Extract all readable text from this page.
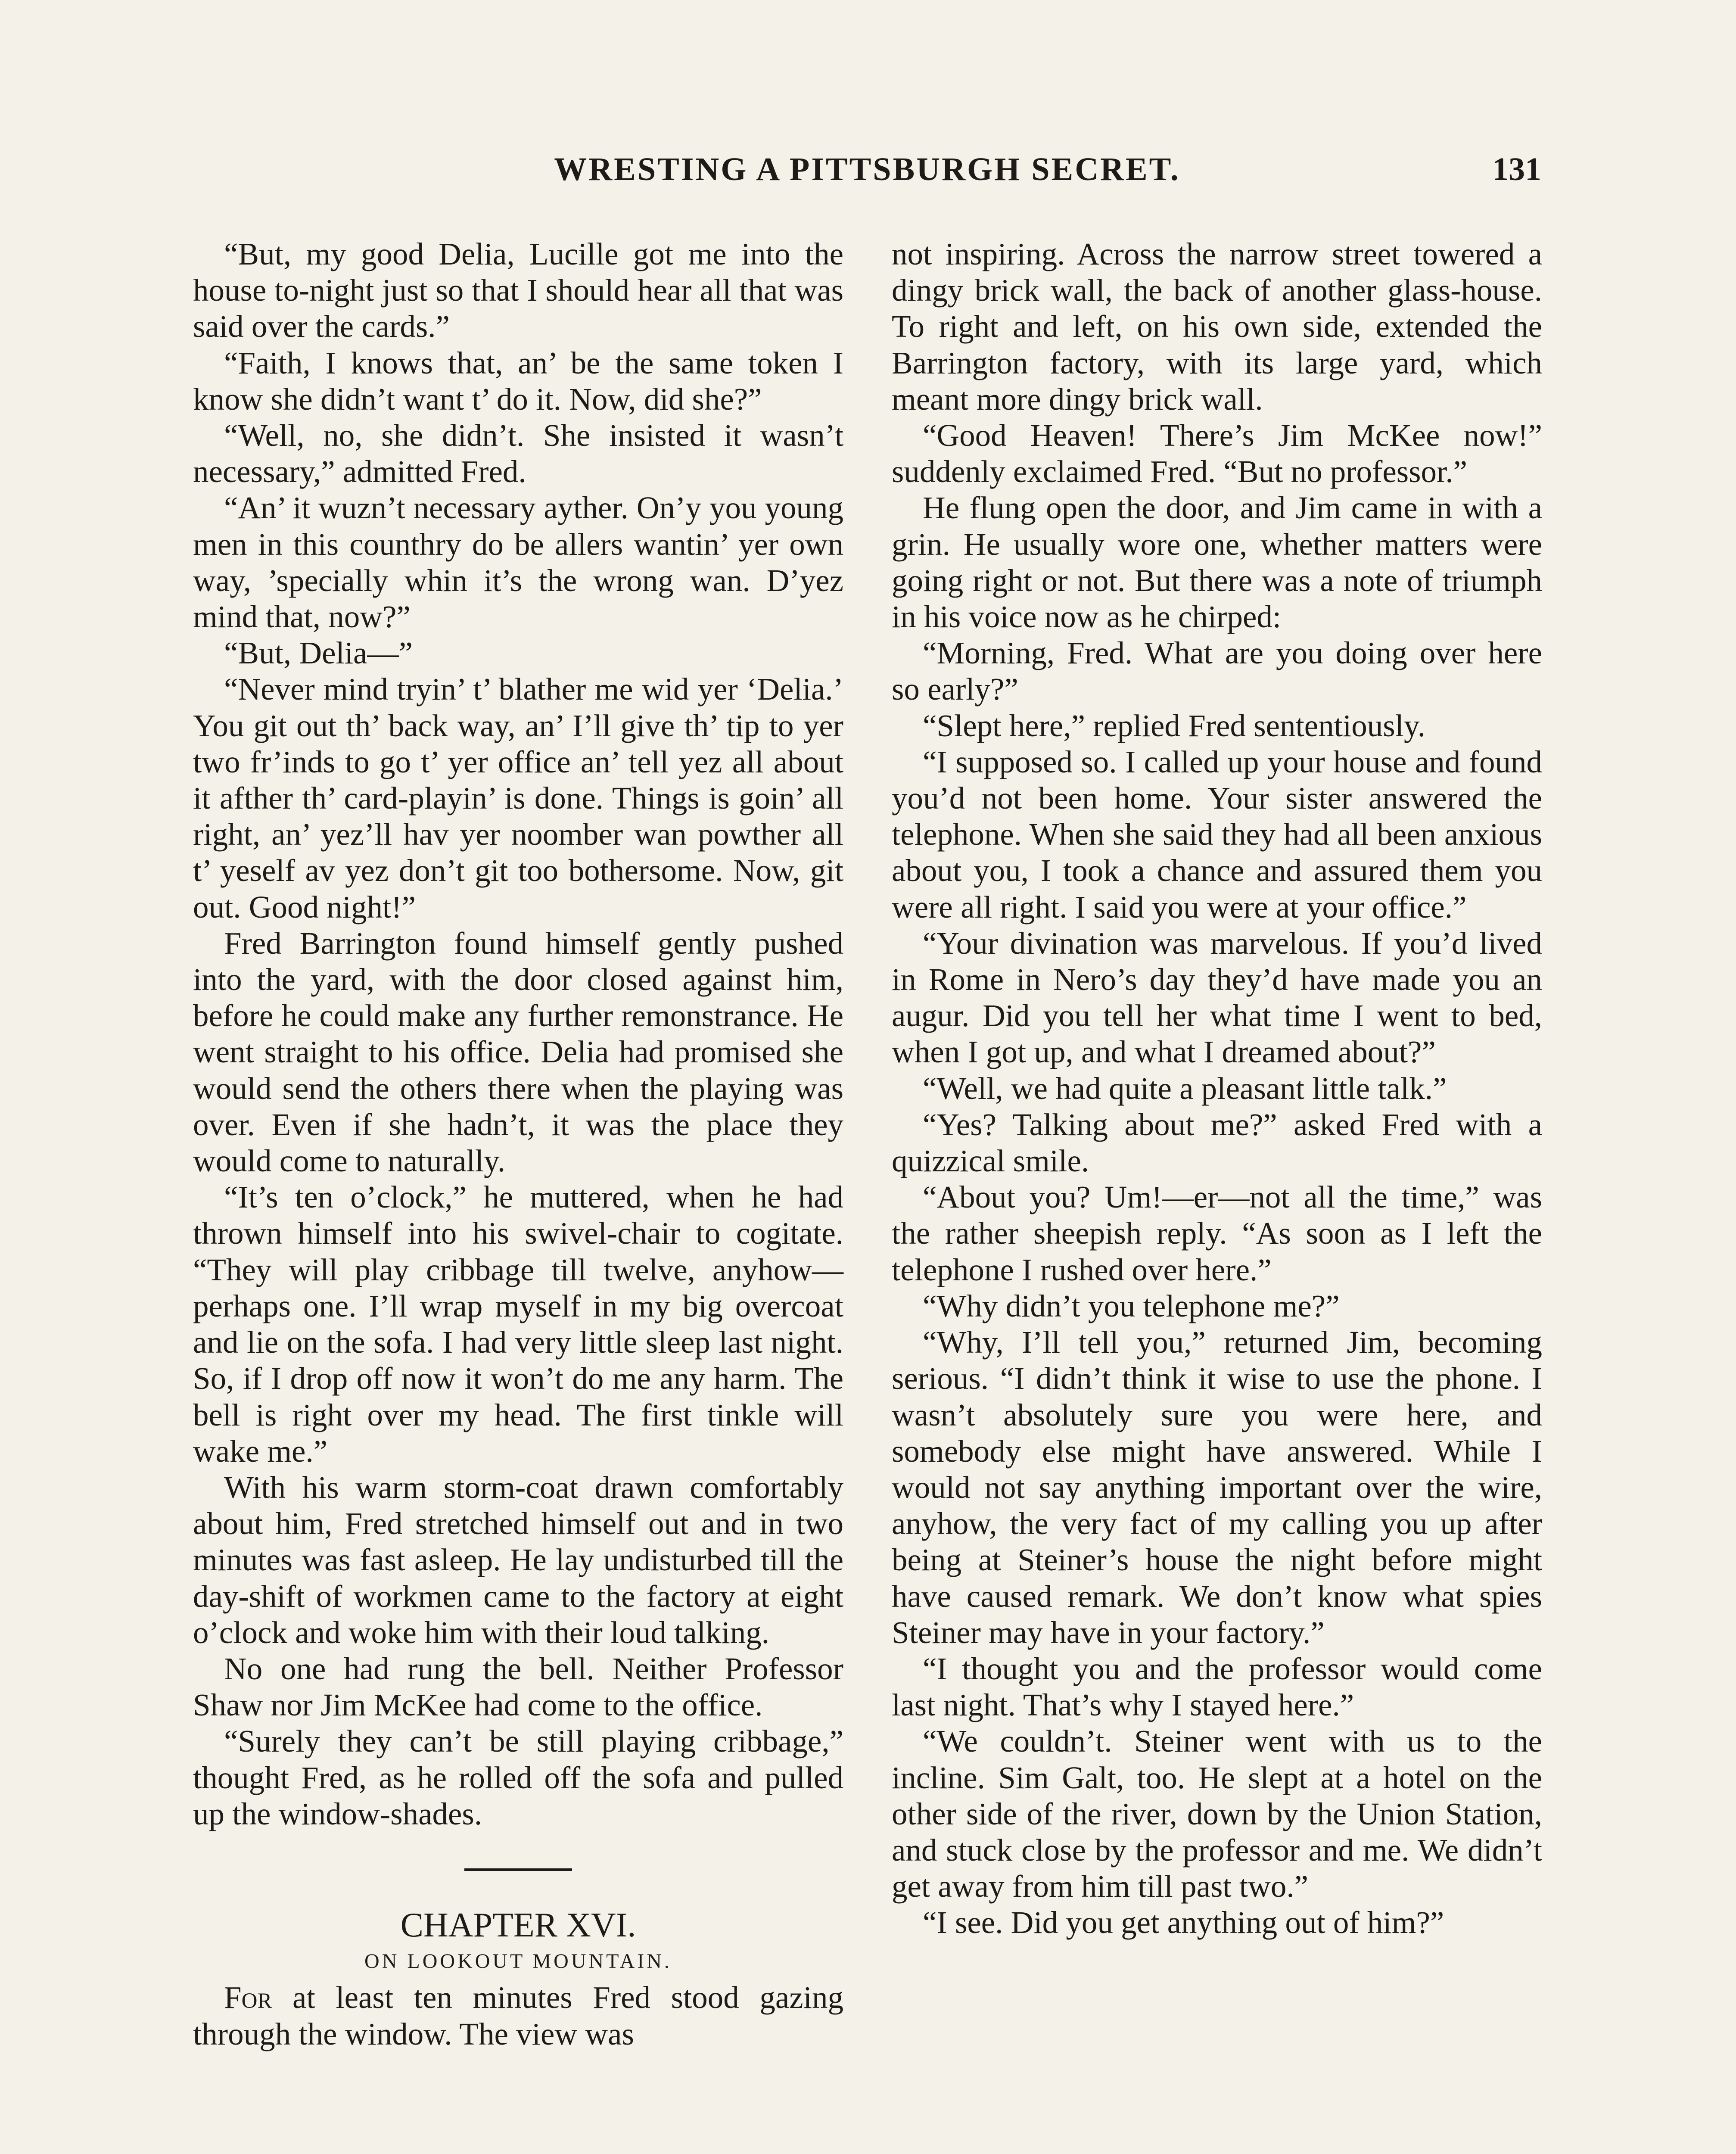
WRESTING A PITTSBURGH SECRET.	131

“But, my good Delia, Lucille got me into the house to-night just so that I should hear all that was said over the cards.”

“Faith, I knows that, an’ be the same token I know she didn’t want t’ do it. Now, did she?”

“Well, no, she didn’t. She insisted it wasn’t necessary,” admitted Fred.

“An’ it wuzn’t necessary ayther. On’y you young men in this counthry do be allers wantin’ yer own way, ’specially whin it’s the wrong wan. D’yez mind that, now?”

“But, Delia—”

“Never mind tryin’ t’ blather me wid yer ‘Delia.’ You git out th’ back way, an’ I’ll give th’ tip to yer two fr’inds to go t’ yer office an’ tell yez all about it afther th’ card-playin’ is done. Things is goin’ all right, an’ yez’ll hav yer noomber wan powther all t’ yeself av yez don’t git too bothersome. Now, git out. Good night!”

Fred Barrington found himself gently pushed into the yard, with the door closed against him, before he could make any further remonstrance. He went straight to his office. Delia had promised she would send the others there when the playing was over. Even if she hadn’t, it was the place they would come to naturally.

“It’s ten o’clock,” he muttered, when he had thrown himself into his swivel-chair to cogitate. “They will play cribbage till twelve, anyhow—perhaps one. I’ll wrap myself in my big overcoat and lie on the sofa. I had very little sleep last night. So, if I drop off now it won’t do me any harm. The bell is right over my head. The first tinkle will wake me.”

With his warm storm-coat drawn comfortably about him, Fred stretched himself out and in two minutes was fast asleep. He lay undisturbed till the day-shift of workmen came to the factory at eight o’clock and woke him with their loud talking.

No one had rung the bell. Neither Professor Shaw nor Jim McKee had come to the office.

“Surely they can’t be still playing cribbage,” thought Fred, as he rolled off the sofa and pulled up the window-shades.

CHAPTER XVI.

ON LOOKOUT MOUNTAIN.

For at least ten minutes Fred stood gazing through the window. The view was

not inspiring. Across the narrow street towered a dingy brick wall, the back of another glass-house. To right and left, on his own side, extended the Barrington factory, with its large yard, which meant more dingy brick wall.

“Good Heaven! There’s Jim McKee now!” suddenly exclaimed Fred. “But no professor.”

He flung open the door, and Jim came in with a grin. He usually wore one, whether matters were going right or not. But there was a note of triumph in his voice now as he chirped:

“Morning, Fred. What are you doing over here so early?”

“Slept here,” replied Fred sententiously.

“I supposed so. I called up your house and found you’d not been home. Your sister answered the telephone. When she said they had all been anxious about you, I took a chance and assured them you were all right. I said you were at your office.”

“Your divination was marvelous. If you’d lived in Rome in Nero’s day they’d have made you an augur. Did you tell her what time I went to bed, when I got up, and what I dreamed about?”

“Well, we had quite a pleasant little talk.”

“Yes? Talking about me?” asked Fred with a quizzical smile.

“About you? Um!—er—not all the time,” was the rather sheepish reply. “As soon as I left the telephone I rushed over here.”

“Why didn’t you telephone me?”

“Why, I’ll tell you,” returned Jim, becoming serious. “I didn’t think it wise to use the phone. I wasn’t absolutely sure you were here, and somebody else might have answered. While I would not say anything important over the wire, anyhow, the very fact of my calling you up after being at Steiner’s house the night before might have caused remark. We don’t know what spies Steiner may have in your factory.”

“I thought you and the professor would come last night. That’s why I stayed here.”

“We couldn’t. Steiner went with us to the incline. Sim Galt, too. He slept at a hotel on the other side of the river, down by the Union Station, and stuck close by the professor and me. We didn’t get away from him till past two.”

“I see. Did you get anything out of him?”
